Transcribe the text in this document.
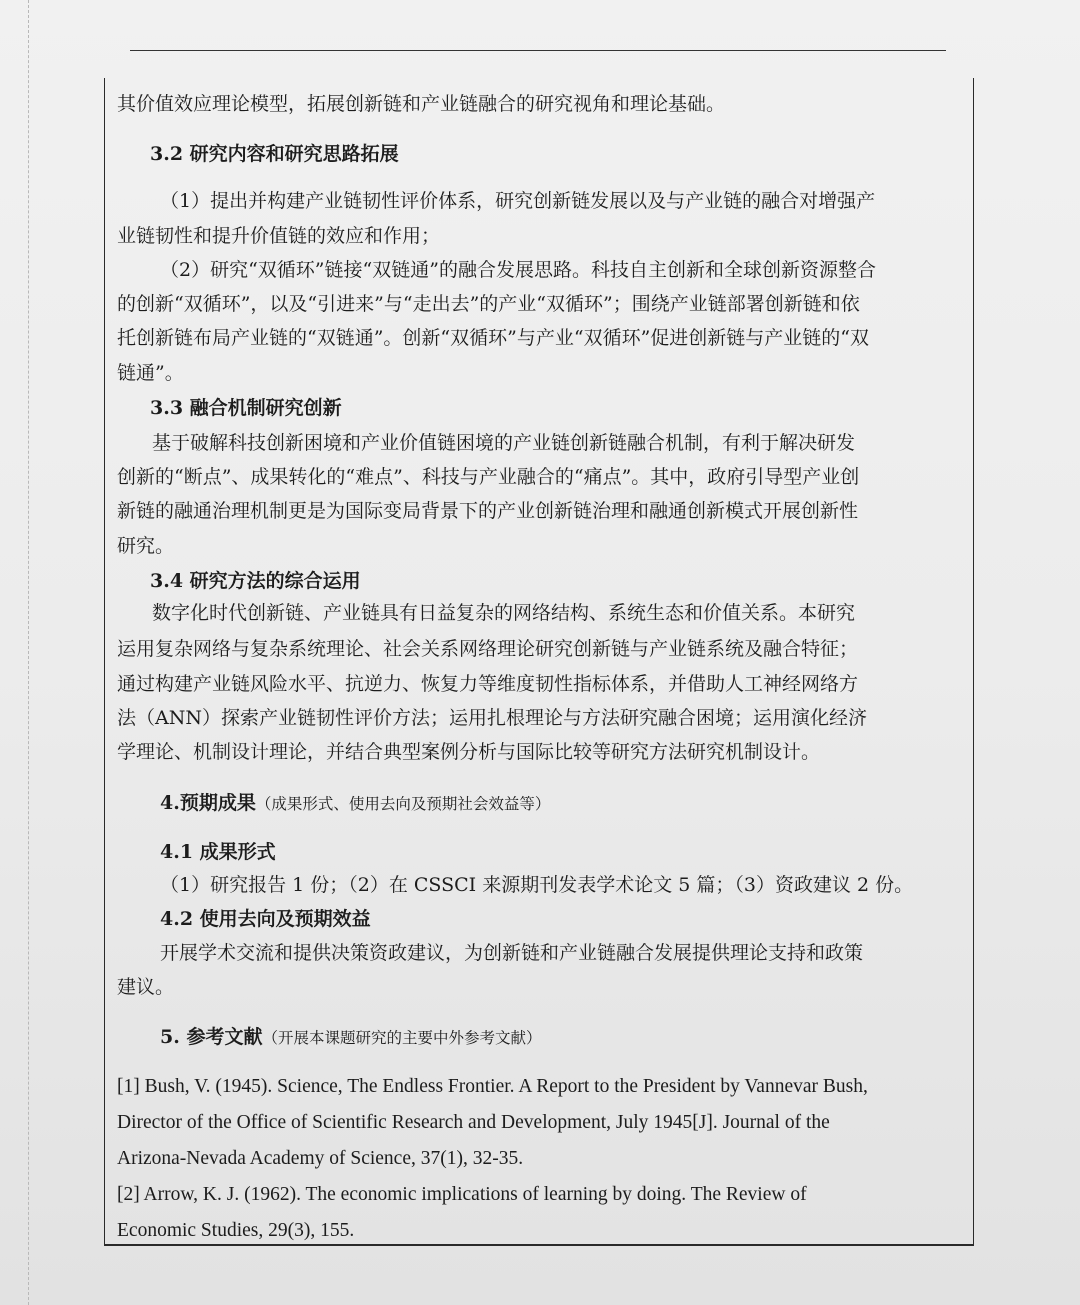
其价值效应理论模型，拓展创新链和产业链融合的研究视角和理论基础。
3.2 研究内容和研究思路拓展
（1）提出并构建产业链韧性评价体系，研究创新链发展以及与产业链的融合对增强产
业链韧性和提升价值链的效应和作用；
（2）研究“双循环”链接“双链通”的融合发展思路。科技自主创新和全球创新资源整合
的创新“双循环”，以及“引进来”与“走出去”的产业“双循环”；围绕产业链部署创新链和依
托创新链布局产业链的“双链通”。创新“双循环”与产业“双循环”促进创新链与产业链的“双
链通”。
3.3 融合机制研究创新
基于破解科技创新困境和产业价值链困境的产业链创新链融合机制，有利于解决研发
创新的“断点”、成果转化的“难点”、科技与产业融合的“痛点”。其中，政府引导型产业创
新链的融通治理机制更是为国际变局背景下的产业创新链治理和融通创新模式开展创新性
研究。
3.4 研究方法的综合运用
数字化时代创新链、产业链具有日益复杂的网络结构、系统生态和价值关系。本研究
运用复杂网络与复杂系统理论、社会关系网络理论研究创新链与产业链系统及融合特征；
通过构建产业链风险水平、抗逆力、恢复力等维度韧性指标体系，并借助人工神经网络方
法（ANN）探索产业链韧性评价方法；运用扎根理论与方法研究融合困境；运用演化经济
学理论、机制设计理论，并结合典型案例分析与国际比较等研究方法研究机制设计。
4.预期成果（成果形式、使用去向及预期社会效益等）
4.1 成果形式
（1）研究报告 1 份；（2）在 CSSCI 来源期刊发表学术论文 5 篇；（3）资政建议 2 份。
4.2 使用去向及预期效益
开展学术交流和提供决策资政建议，为创新链和产业链融合发展提供理论支持和政策
建议。
5. 参考文献（开展本课题研究的主要中外参考文献）
[1] Bush, V. (1945). Science, The Endless Frontier. A Report to the President by Vannevar Bush,
Director of the Office of Scientific Research and Development, July 1945[J]. Journal of the
Arizona-Nevada Academy of Science, 37(1), 32-35.
[2] Arrow, K. J. (1962). The economic implications of learning by doing. The Review of
Economic Studies, 29(3), 155.
